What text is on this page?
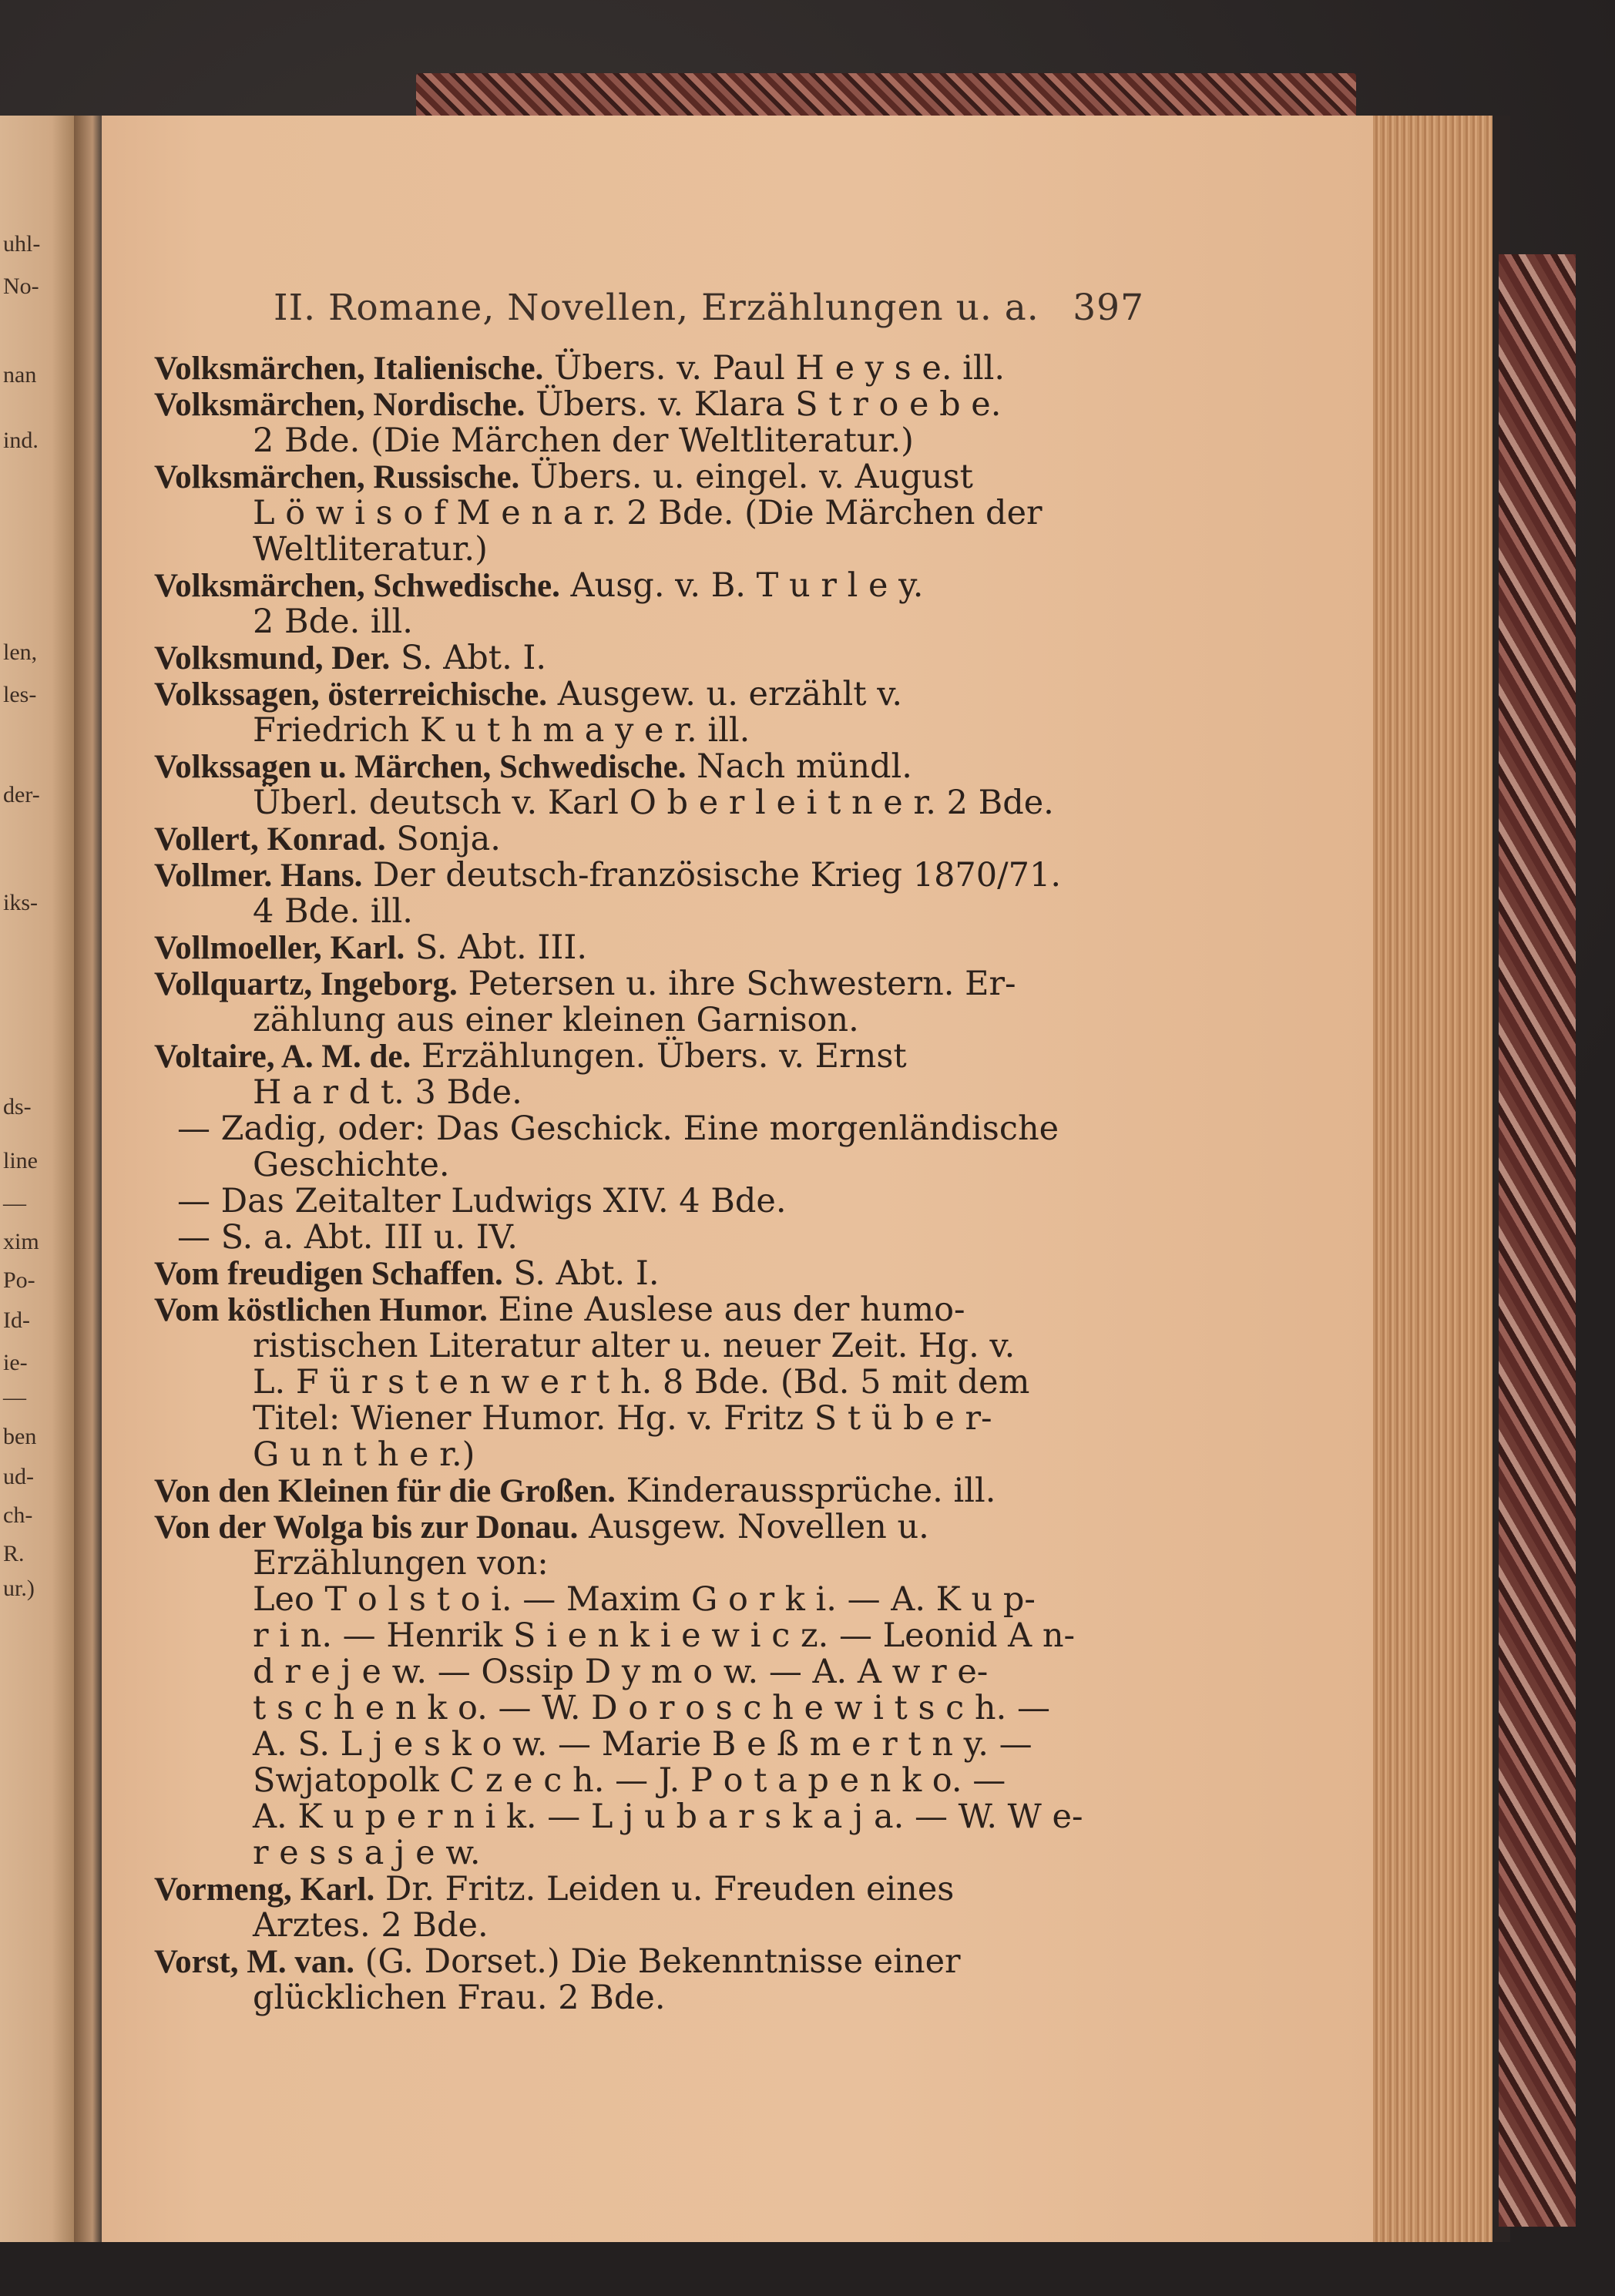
uhl-
No-
nan
ind.
len,
les-
der-
iks-
ds-
line
—
xim
Po-
Id-
ie-
—
ben
ud-
ch-
R.
ur.)
II. Romane, Novellen, Erzählungen u. a. 397
Volksmärchen, Italienische. Übers. v. Paul H e y s e. ill.
Volksmärchen, Nordische. Übers. v. Klara S t r o e b e.
2 Bde. (Die Märchen der Weltliteratur.)
Volksmärchen, Russische. Übers. u. eingel. v. August
L ö w i s o f M e n a r. 2 Bde. (Die Märchen der
Weltliteratur.)
Volksmärchen, Schwedische. Ausg. v. B. T u r l e y.
2 Bde. ill.
Volksmund, Der. S. Abt. I.
Volkssagen, österreichische. Ausgew. u. erzählt v.
Friedrich K u t h m a y e r. ill.
Volkssagen u. Märchen, Schwedische. Nach mündl.
Überl. deutsch v. Karl O b e r l e i t n e r. 2 Bde.
Vollert, Konrad. Sonja.
Vollmer. Hans. Der deutsch-französische Krieg 1870/71.
4 Bde. ill.
Vollmoeller, Karl. S. Abt. III.
Vollquartz, Ingeborg. Petersen u. ihre Schwestern. Er-
zählung aus einer kleinen Garnison.
Voltaire, A. M. de. Erzählungen. Übers. v. Ernst
H a r d t. 3 Bde.
— Zadig, oder: Das Geschick. Eine morgenländische
Geschichte.
— Das Zeitalter Ludwigs XIV. 4 Bde.
— S. a. Abt. III u. IV.
Vom freudigen Schaffen. S. Abt. I.
Vom köstlichen Humor. Eine Auslese aus der humo-
ristischen Literatur alter u. neuer Zeit. Hg. v.
L. F ü r s t e n w e r t h. 8 Bde. (Bd. 5 mit dem
Titel: Wiener Humor. Hg. v. Fritz S t ü b e r-
G u n t h e r.)
Von den Kleinen für die Großen. Kinderaussprüche. ill.
Von der Wolga bis zur Donau. Ausgew. Novellen u.
Erzählungen von:
Leo T o l s t o i. — Maxim G o r k i. — A. K u p-
r i n. — Henrik S i e n k i e w i c z. — Leonid A n-
d r e j e w. — Ossip D y m o w. — A. A w r e-
t s c h e n k o. — W. D o r o s c h e w i t s c h. —
A. S. L j e s k o w. — Marie B e ß m e r t n y. —
Swjatopolk C z e c h. — J. P o t a p e n k o. —
A. K u p e r n i k. — L j u b a r s k a j a. — W. W e-
r e s s a j e w.
Vormeng, Karl. Dr. Fritz. Leiden u. Freuden eines
Arztes. 2 Bde.
Vorst, M. van. (G. Dorset.) Die Bekenntnisse einer
glücklichen Frau. 2 Bde.
